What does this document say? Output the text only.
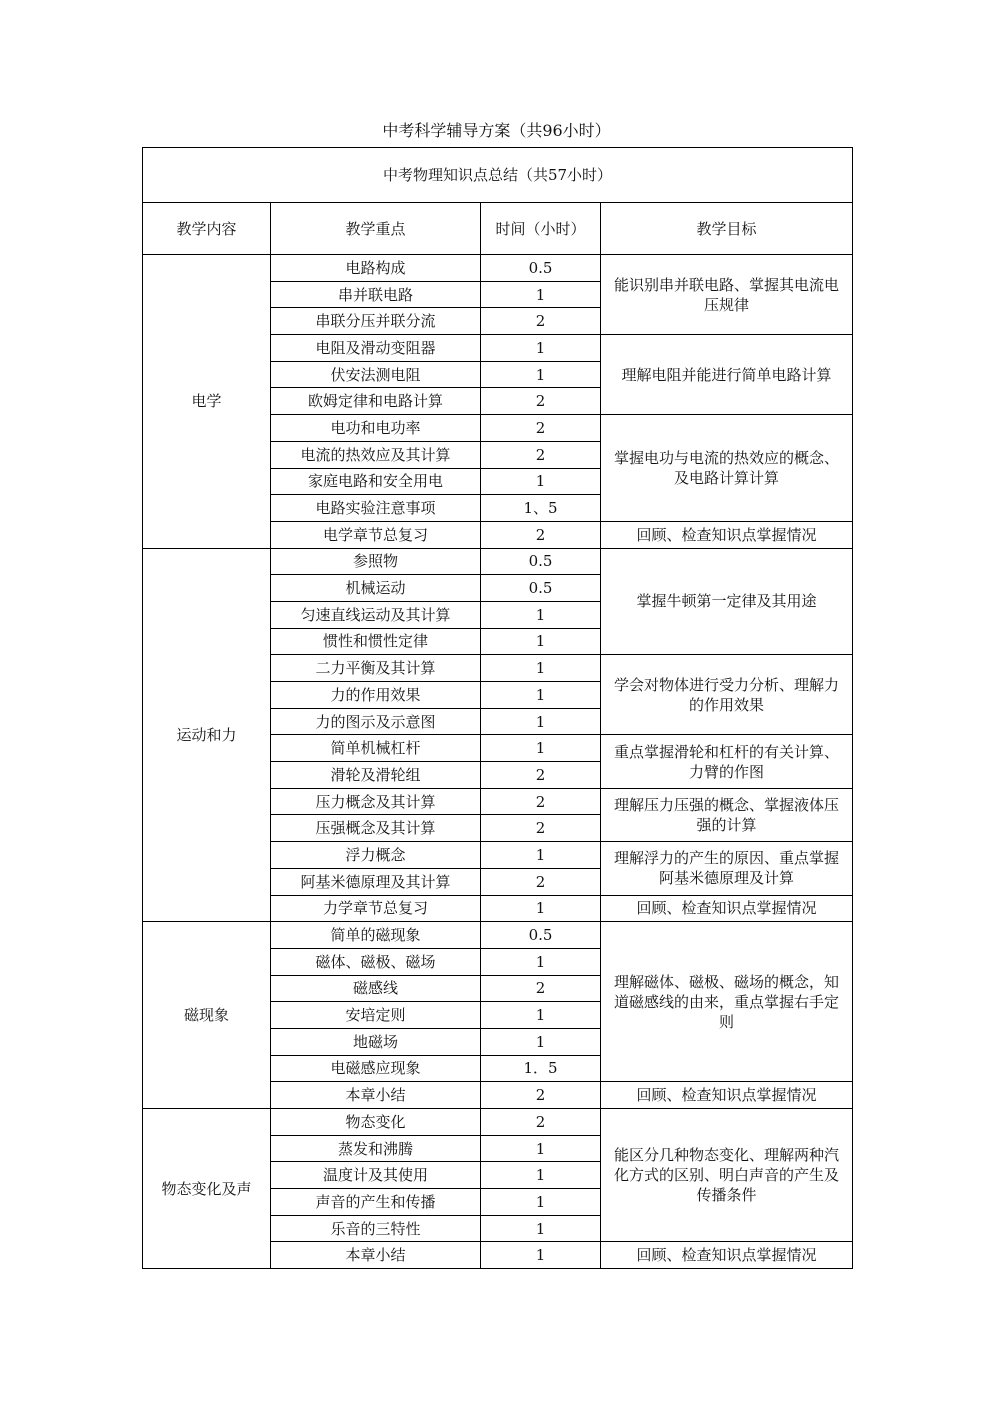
中考科学辅导方案（共96小时）
中考物理知识点总结（共57小时）			
教学内容	教学重点	时间（小时）	教学目标
电学	电路构成	0.5	能识别串并联电路、掌握其电流电压规律
	串并联电路	1	
	串联分压并联分流	2	
	电阻及滑动变阻器	1	理解电阻并能进行简单电路计算
	伏安法测电阻	1	
	欧姆定律和电路计算	2	
	电功和电功率	2	掌握电功与电流的热效应的概念、及电路计算计算
	电流的热效应及其计算	2	
	家庭电路和安全用电	1	
	电路实验注意事项	1、5	
	电学章节总复习	2	回顾、检查知识点掌握情况
运动和力	参照物	0.5	掌握牛顿第一定律及其用途
	机械运动	0.5	
	匀速直线运动及其计算	1	
	惯性和惯性定律	1	
	二力平衡及其计算	1	学会对物体进行受力分析、理解力的作用效果
	力的作用效果	1	
	力的图示及示意图	1	
	简单机械杠杆	1	重点掌握滑轮和杠杆的有关计算、力臂的作图
	滑轮及滑轮组	2	
	压力概念及其计算	2	理解压力压强的概念、掌握液体压强的计算
	压强概念及其计算	2	
	浮力概念	1	理解浮力的产生的原因、重点掌握阿基米德原理及计算
	阿基米德原理及其计算	2	
	力学章节总复习	1	回顾、检查知识点掌握情况
磁现象	简单的磁现象	0.5	理解磁体、磁极、磁场的概念，知道磁感线的由来，重点掌握右手定则
	磁体、磁极、磁场	1	
	磁感线	2	
	安培定则	1	
	地磁场	1	
	电磁感应现象	1．5	
	本章小结	2	回顾、检查知识点掌握情况
物态变化及声	物态变化	2	能区分几种物态变化、理解两种汽化方式的区别、明白声音的产生及传播条件
	蒸发和沸腾	1	
	温度计及其使用	1	
	声音的产生和传播	1	
	乐音的三特性	1	
	本章小结	1	回顾、检查知识点掌握情况
